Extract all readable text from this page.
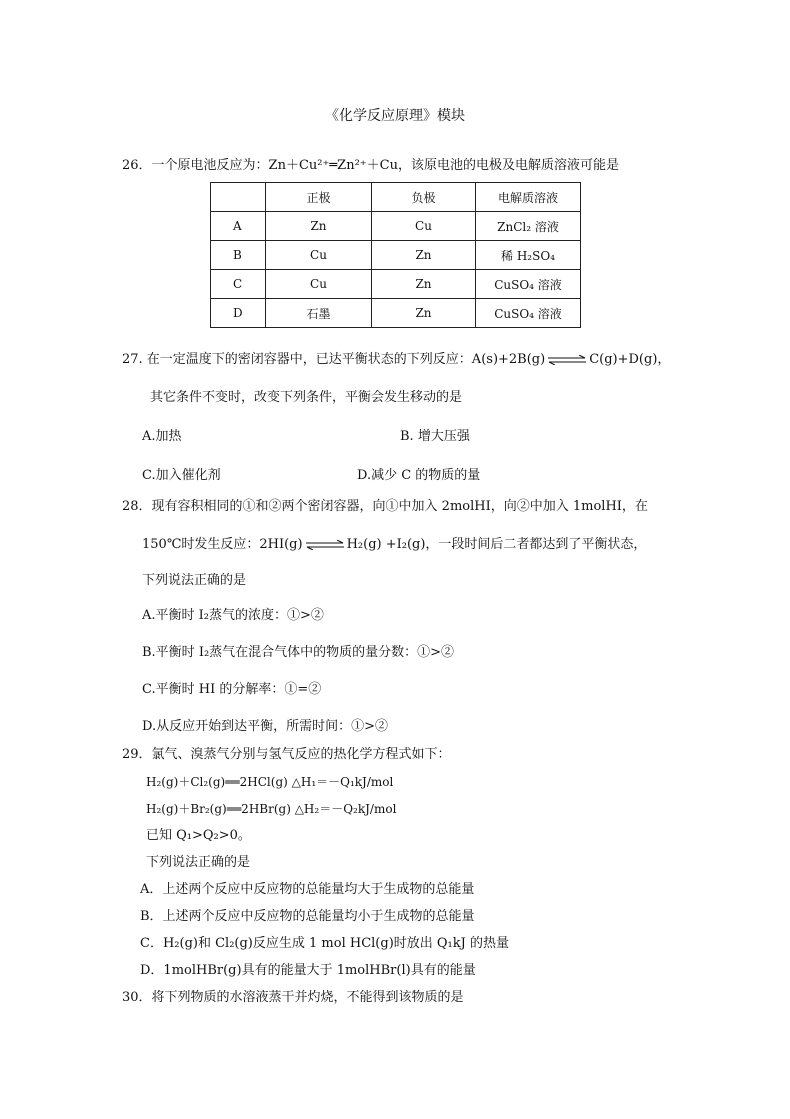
《化学反应原理》模块
26．一个原电池反应为：Zn＋Cu²⁺═Zn²⁺＋Cu，该原电池的电极及电解质溶液可能是
	正极	负极	电解质溶液
A	Zn	Cu	ZnCl₂ 溶液
B	Cu	Zn	稀 H₂SO₄
C	Cu	Zn	CuSO₄ 溶液
D	石墨	Zn	CuSO₄ 溶液
27. 在一定温度下的密闭容器中，已达平衡状态的下列反应：A(s)+2B(g) ⇌ C(g)+D(g)，
其它条件不变时，改变下列条件，平衡会发生移动的是
A.加热	B. 增大压强
C.加入催化剂	D.减少 C 的物质的量
28．现有容积相同的①和②两个密闭容器，向①中加入 2molHI，向②中加入 1molHI，在
150℃时发生反应：2HI(g) ⇌ H₂(g) +I₂(g)，一段时间后二者都达到了平衡状态，
下列说法正确的是
A.平衡时 I₂蒸气的浓度：①>②
B.平衡时 I₂蒸气在混合气体中的物质的量分数：①>②
C.平衡时 HI 的分解率：①=②
D.从反应开始到达平衡，所需时间：①>②
29．氯气、溴蒸气分别与氢气反应的热化学方程式如下：
H₂(g)＋Cl₂(g)══2HCl(g) △H₁＝－Q₁kJ/mol
H₂(g)＋Br₂(g)══2HBr(g) △H₂＝－Q₂kJ/mol
已知 Q₁>Q₂>0。
下列说法正确的是
A．上述两个反应中反应物的总能量均大于生成物的总能量
B．上述两个反应中反应物的总能量均小于生成物的总能量
C．H₂(g)和 Cl₂(g)反应生成 1 mol HCl(g)时放出 Q₁kJ 的热量
D．1molHBr(g)具有的能量大于 1molHBr(l)具有的能量
30．将下列物质的水溶液蒸干并灼烧，不能得到该物质的是
